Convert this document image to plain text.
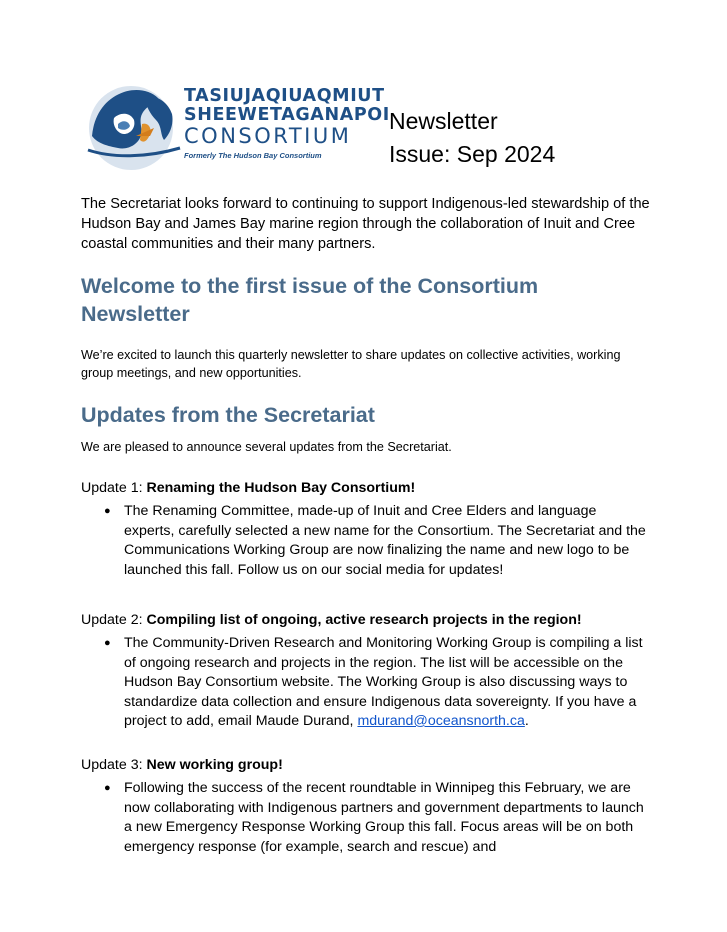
TASIUJAQIUAQMIUT
SHEEWETAGANAPOI
CONSORTIUM
Formerly The Hudson Bay Consortium
Newsletter
Issue: Sep 2024
The Secretariat looks forward to continuing to support Indigenous-led stewardship of the Hudson Bay and James Bay marine region through the collaboration of Inuit and Cree coastal communities and their many partners.
Welcome to the first issue of the Consortium Newsletter
We’re excited to launch this quarterly newsletter to share updates on collective activities, working group meetings, and new opportunities.
Updates from the Secretariat
We are pleased to announce several updates from the Secretariat.
Update 1: Renaming the Hudson Bay Consortium!
● The Renaming Committee, made-up of Inuit and Cree Elders and language experts, carefully selected a new name for the Consortium. The Secretariat and the Communications Working Group are now finalizing the name and new logo to be launched this fall. Follow us on our social media for updates!
Update 2: Compiling list of ongoing, active research projects in the region!
● The Community-Driven Research and Monitoring Working Group is compiling a list of ongoing research and projects in the region. The list will be accessible on the Hudson Bay Consortium website. The Working Group is also discussing ways to standardize data collection and ensure Indigenous data sovereignty. If you have a project to add, email Maude Durand, mdurand@oceansnorth.ca.
Update 3: New working group!
● Following the success of the recent roundtable in Winnipeg this February, we are now collaborating with Indigenous partners and government departments to launch a new Emergency Response Working Group this fall. Focus areas will be on both emergency response (for example, search and rescue) and
